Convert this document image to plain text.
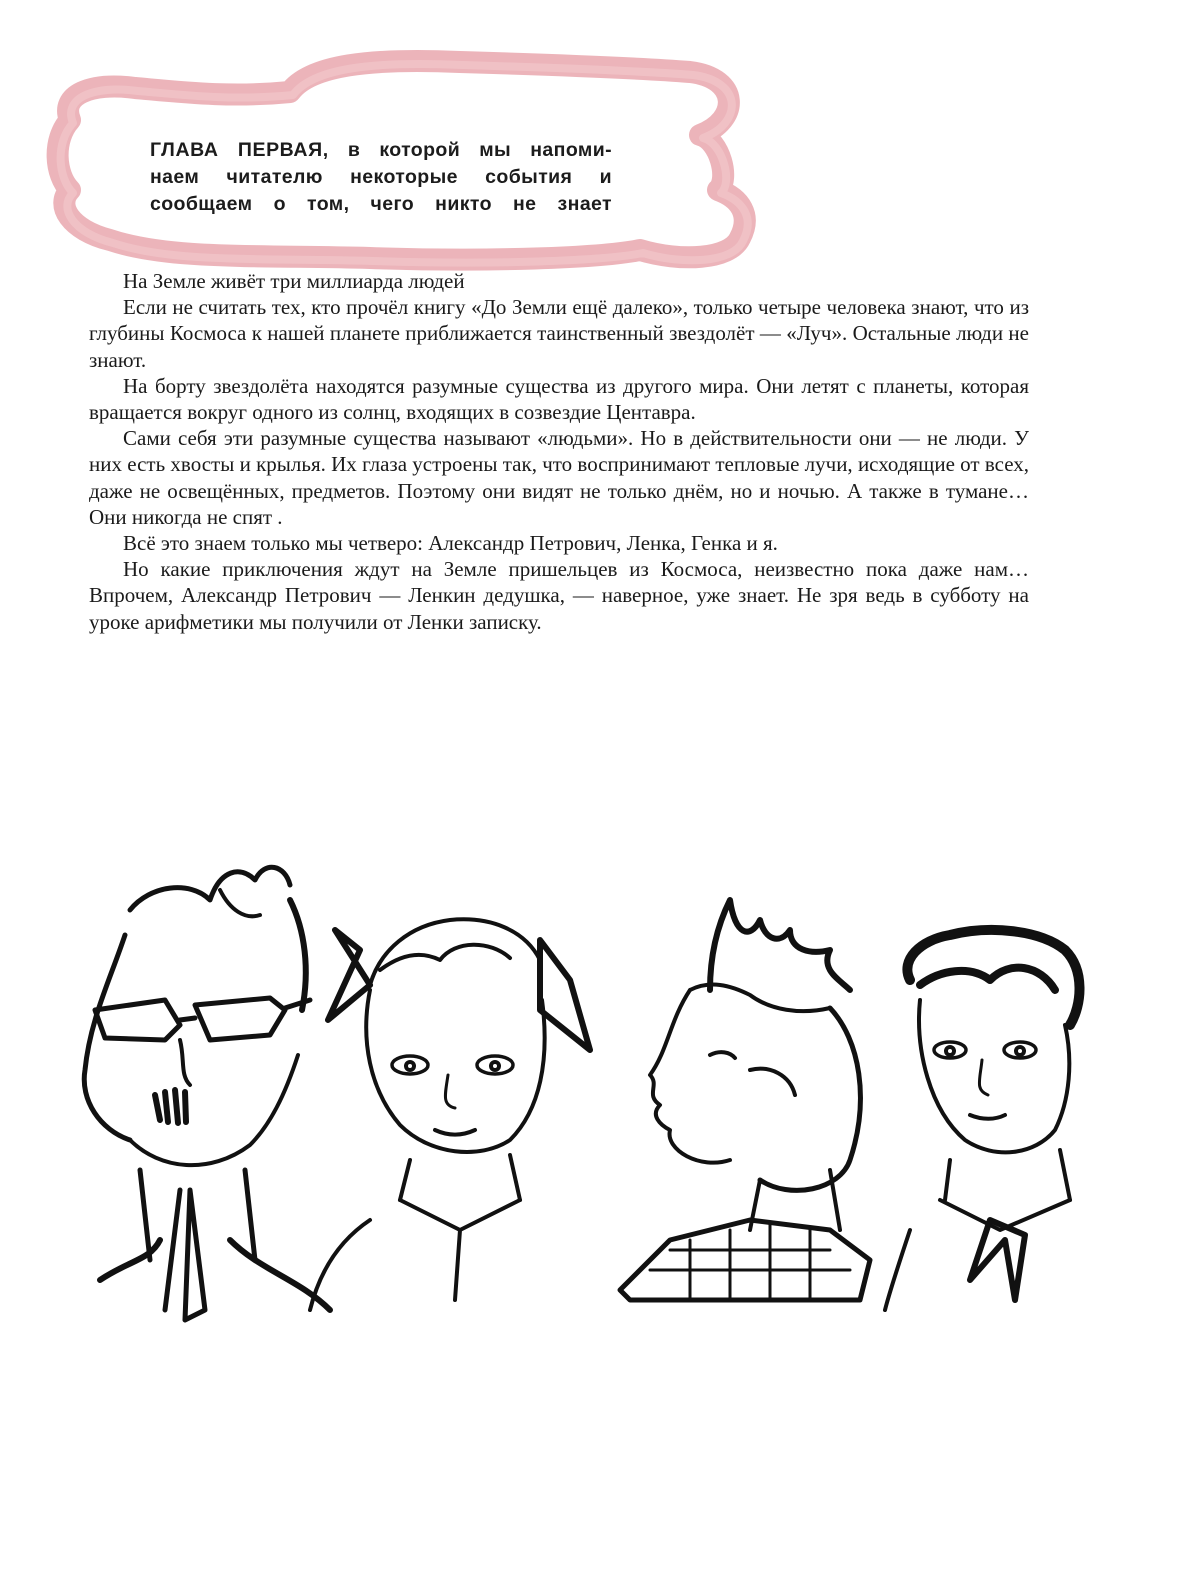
ГЛАВА ПЕРВАЯ, в которой мы напоми-
наем читателю некоторые события и
сообщаем о том, чего никто не знает

На Земле живёт три миллиарда людей

Если не считать тех, кто прочёл книгу «До Земли ещё далеко», только четыре человека знают, что из глубины Космоса к нашей планете приближается таинственный звездолёт — «Луч». Остальные люди не знают.

На борту звездолёта находятся разумные существа из другого мира. Они летят с планеты, которая вращается вокруг одного из солнц, входящих в созвездие Центавра.

Сами себя эти разумные существа называют «людьми». Но в действительности они — не люди. У них есть хвосты и крылья. Их глаза устроены так, что воспринимают тепловые лучи, исходящие от всех, даже не освещённых, предметов. Поэтому они видят не только днём, но и ночью. А также в тумане… Они никогда не спят .

Всё это знаем только мы четверо: Александр Петрович, Ленка, Генка и я.

Но какие приключения ждут на Земле пришельцев из Космоса, неизвестно пока даже нам… Впрочем, Александр Петрович — Ленкин дедушка, — наверное, уже знает. Не зря ведь в субботу на уроке арифметики мы получили от Ленки записку.
